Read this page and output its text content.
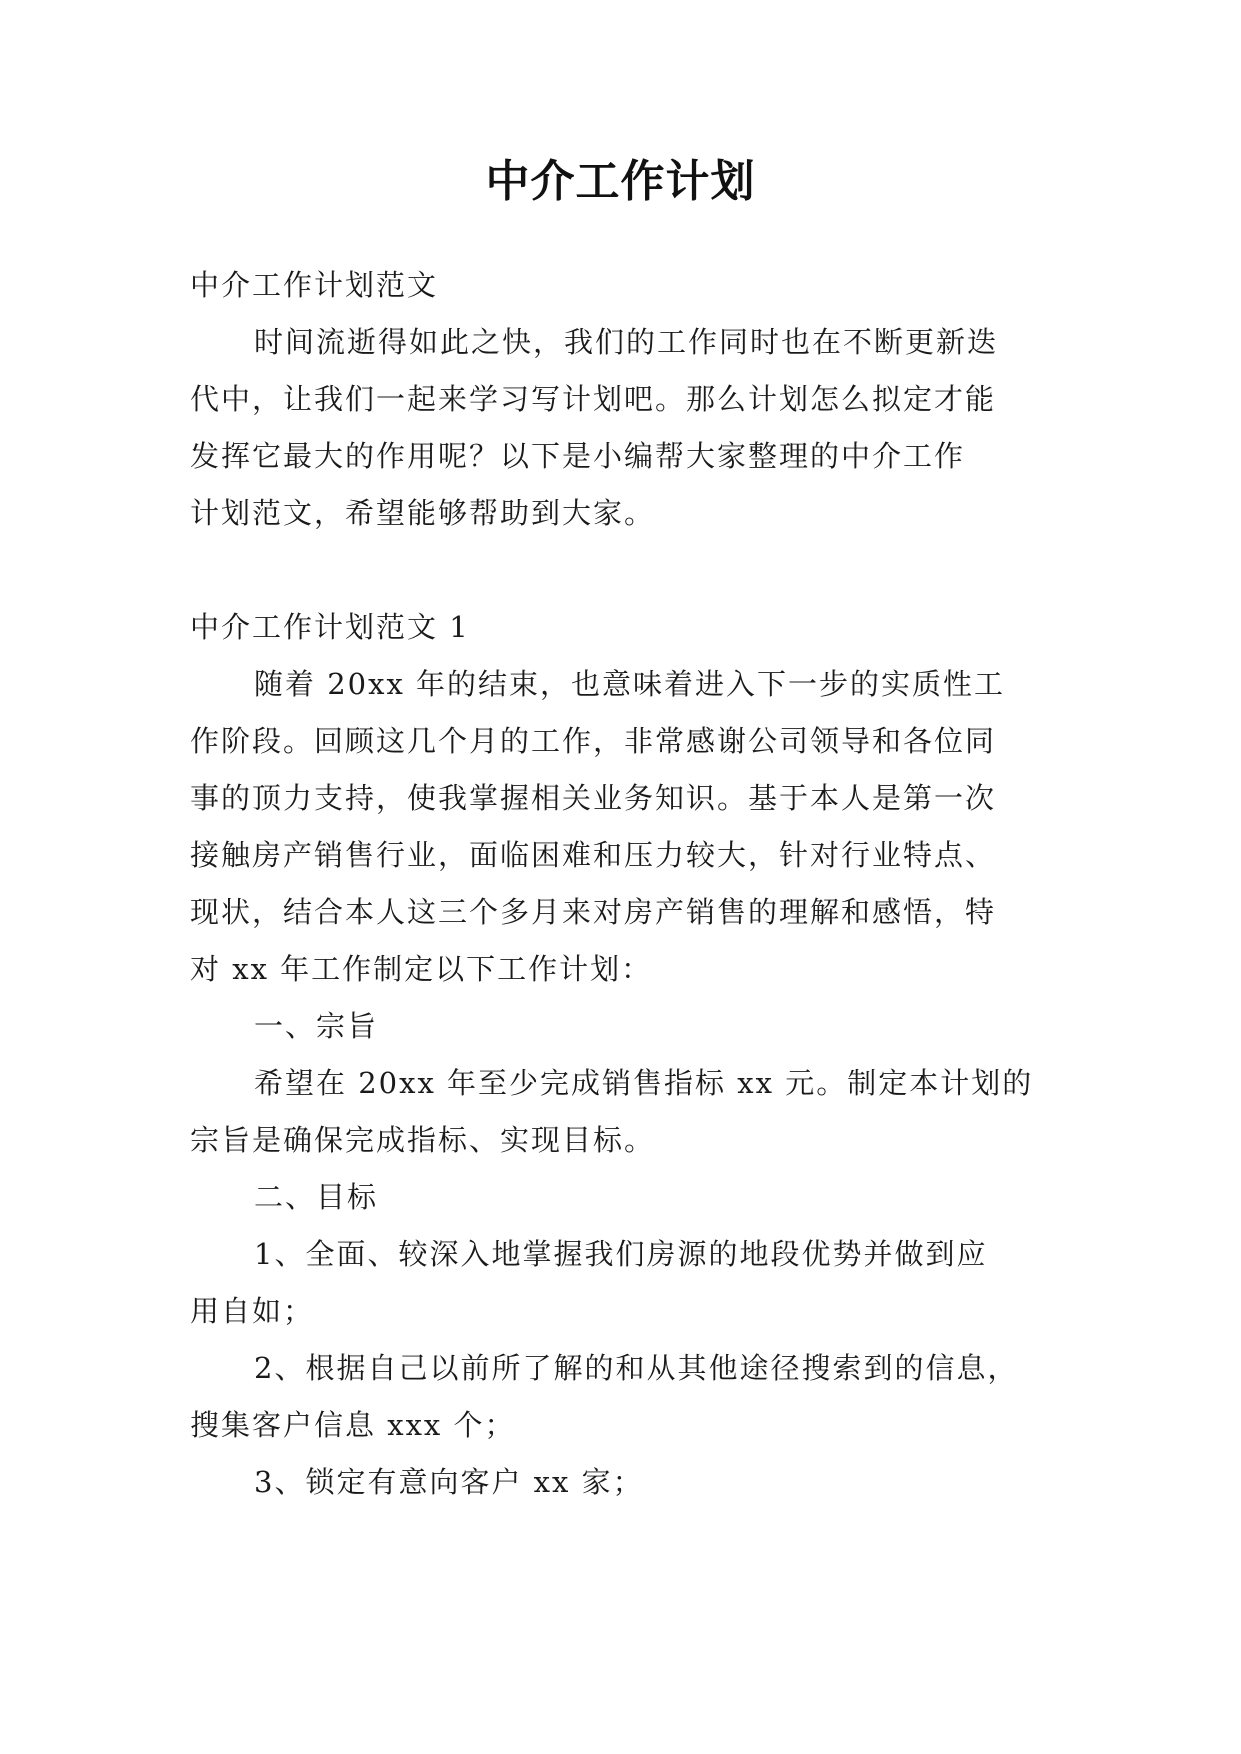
中介工作计划
中介工作计划范文
时间流逝得如此之快，我们的工作同时也在不断更新迭
代中，让我们一起来学习写计划吧。那么计划怎么拟定才能
发挥它最大的作用呢？以下是小编帮大家整理的中介工作
计划范文，希望能够帮助到大家。
中介工作计划范文 1
随着 20xx 年的结束，也意味着进入下一步的实质性工
作阶段。回顾这几个月的工作，非常感谢公司领导和各位同
事的顶力支持，使我掌握相关业务知识。基于本人是第一次
接触房产销售行业，面临困难和压力较大，针对行业特点、
现状，结合本人这三个多月来对房产销售的理解和感悟，特
对 xx 年工作制定以下工作计划：
一、宗旨
希望在 20xx 年至少完成销售指标 xx 元。制定本计划的
宗旨是确保完成指标、实现目标。
二、目标
1、全面、较深入地掌握我们房源的地段优势并做到应
用自如；
2、根据自己以前所了解的和从其他途径搜索到的信息，
搜集客户信息 xxx 个；
3、锁定有意向客户 xx 家；
